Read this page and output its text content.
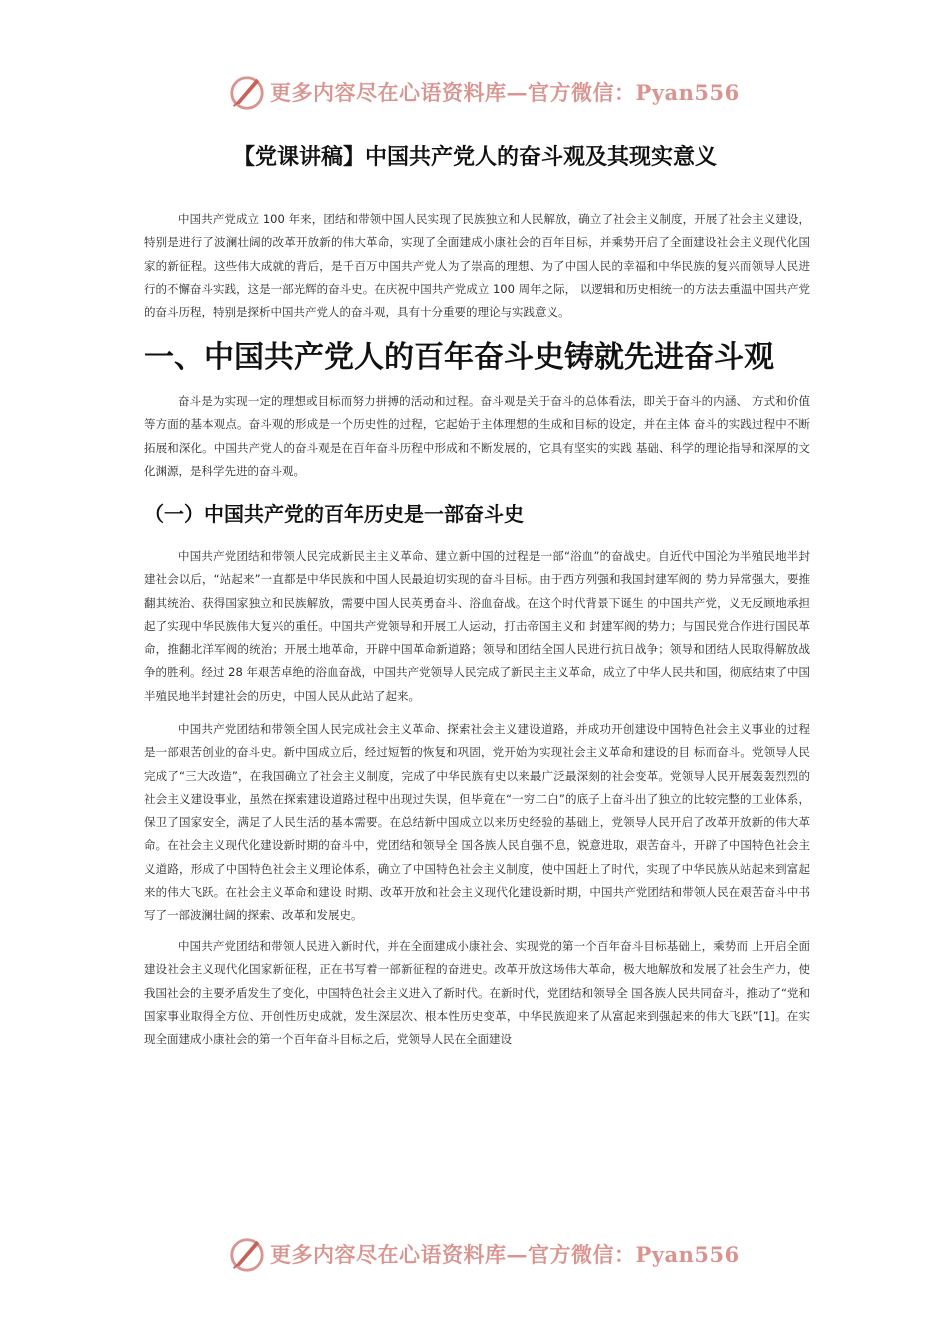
更多内容尽在心语资料库—官方微信：Pyan556
【党课讲稿】中国共产党人的奋斗观及其现实意义

中国共产党成立 100 年来，团结和带领中国人民实现了民族独立和人民解放，确立了社会主义制度，开展了社会主义建设，特别是进行了波澜壮阔的改革开放新的伟大革命，实现了全面建成小康社会的百年目标，并乘势开启了全面建设社会主义现代化国家的新征程。这些伟大成就的背后，是千百万中国共产党人为了崇高的理想、为了中国人民的幸福和中华民族的复兴而领导人民进行的不懈奋斗实践，这是一部光辉的奋斗史。在庆祝中国共产党成立 100 周年之际， 以逻辑和历史相统一的方法去重温中国共产党的奋斗历程，特别是探析中国共产党人的奋斗观，具有十分重要的理论与实践意义。

一、中国共产党人的百年奋斗史铸就先进奋斗观

奋斗是为实现一定的理想或目标而努力拼搏的活动和过程。奋斗观是关于奋斗的总体看法，即关于奋斗的内涵、 方式和价值等方面的基本观点。奋斗观的形成是一个历史性的过程，它起始于主体理想的生成和目标的设定，并在主体 奋斗的实践过程中不断拓展和深化。中国共产党人的奋斗观是在百年奋斗历程中形成和不断发展的，它具有坚实的实践 基础、科学的理论指导和深厚的文化渊源，是科学先进的奋斗观。

（一）中国共产党的百年历史是一部奋斗史

中国共产党团结和带领人民完成新民主主义革命、建立新中国的过程是一部“浴血”的奋战史。自近代中国沦为半殖民地半封建社会以后，“站起来”一直都是中华民族和中国人民最迫切实现的奋斗目标。由于西方列强和我国封建军阀的 势力异常强大，要推翻其统治、获得国家独立和民族解放，需要中国人民英勇奋斗、浴血奋战。在这个时代背景下诞生 的中国共产党，义无反顾地承担起了实现中华民族伟大复兴的重任。中国共产党领导和开展工人运动，打击帝国主义和 封建军阀的势力；与国民党合作进行国民革命，推翻北洋军阀的统治；开展土地革命，开辟中国革命新道路；领导和团结全国人民进行抗日战争；领导和团结人民取得解放战争的胜利。经过 28 年艰苦卓绝的浴血奋战，中国共产党领导人民完成了新民主主义革命，成立了中华人民共和国，彻底结束了中国半殖民地半封建社会的历史，中国人民从此站了起来。

中国共产党团结和带领全国人民完成社会主义革命、探索社会主义建设道路，并成功开创建设中国特色社会主义事业的过程是一部艰苦创业的奋斗史。新中国成立后，经过短暂的恢复和巩固，党开始为实现社会主义革命和建设的目 标而奋斗。党领导人民完成了“三大改造”，在我国确立了社会主义制度，完成了中华民族有史以来最广泛最深刻的社会变革。党领导人民开展轰轰烈烈的社会主义建设事业，虽然在探索建设道路过程中出现过失误，但毕竟在“一穷二白”的底子上奋斗出了独立的比较完整的工业体系，保卫了国家安全，满足了人民生活的基本需要。在总结新中国成立以来历史经验的基础上，党领导人民开启了改革开放新的伟大革命。在社会主义现代化建设新时期的奋斗中，党团结和领导全 国各族人民自强不息，锐意进取，艰苦奋斗，开辟了中国特色社会主义道路，形成了中国特色社会主义理论体系，确立了中国特色社会主义制度，使中国赶上了时代，实现了中华民族从站起来到富起来的伟大飞跃。在社会主义革命和建设 时期、改革开放和社会主义现代化建设新时期，中国共产党团结和带领人民在艰苦奋斗中书写了一部波澜壮阔的探索、改革和发展史。

中国共产党团结和带领人民进入新时代，并在全面建成小康社会、实现党的第一个百年奋斗目标基础上，乘势而 上开启全面建设社会主义现代化国家新征程，正在书写着一部新征程的奋进史。改革开放这场伟大革命，极大地解放和发展了社会生产力，使我国社会的主要矛盾发生了变化，中国特色社会主义进入了新时代。在新时代，党团结和领导全 国各族人民共同奋斗，推动了“党和国家事业取得全方位、开创性历史成就，发生深层次、根本性历史变革，中华民族迎来了从富起来到强起来的伟大飞跃”[1]。在实现全面建成小康社会的第一个百年奋斗目标之后，党领导人民在全面建设

更多内容尽在心语资料库—官方微信：Pyan556
